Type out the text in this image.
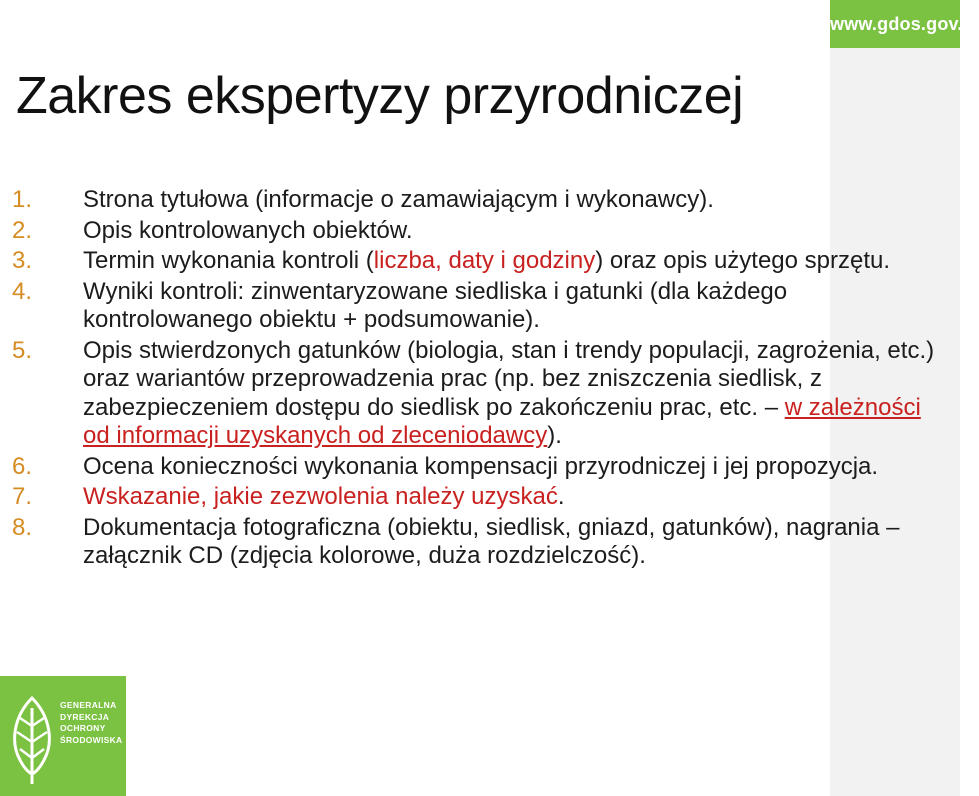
www.gdos.gov.pl
Zakres ekspertyzy przyrodniczej
1. Strona tytułowa (informacje o zamawiającym i wykonawcy).
2. Opis kontrolowanych obiektów.
3. Termin wykonania kontroli (liczba, daty i godziny) oraz opis użytego sprzętu.
4. Wyniki kontroli: zinwentaryzowane siedliska i gatunki (dla każdego kontrolowanego obiektu + podsumowanie).
5. Opis stwierdzonych gatunków (biologia, stan i trendy populacji, zagrożenia, etc.) oraz wariantów przeprowadzenia prac (np. bez zniszczenia siedlisk, z zabezpieczeniem dostępu do siedlisk po zakończeniu prac, etc. – w zależności od informacji uzyskanych od zleceniodawcy).
6. Ocena konieczności wykonania kompensacji przyrodniczej i jej propozycja.
7. Wskazanie, jakie zezwolenia należy uzyskać.
8. Dokumentacja fotograficzna (obiektu, siedlisk, gniazd, gatunków), nagrania – załącznik CD (zdjęcia kolorowe, duża rozdzielczość).
GENERALNA
DYREKCJA
OCHRONY
ŚRODOWISKA
